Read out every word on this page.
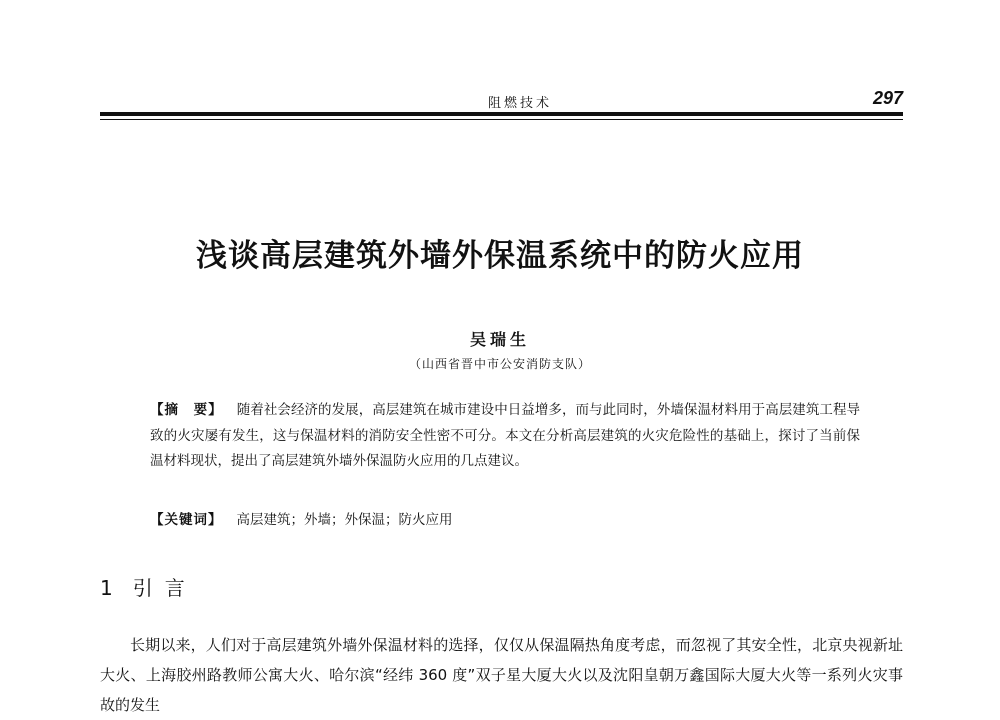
阻燃技术	297
浅谈高层建筑外墙外保温系统中的防火应用
吴瑞生
（山西省晋中市公安消防支队）
【摘　要】 随着社会经济的发展，高层建筑在城市建设中日益增多，而与此同时，外墙保温材料用于高层建筑工程导致的火灾屡有发生，这与保温材料的消防安全性密不可分。本文在分析高层建筑的火灾危险性的基础上，探讨了当前保温材料现状，提出了高层建筑外墙外保温防火应用的几点建议。
【关键词】 高层建筑；外墙；外保温；防火应用
1 引言

长期以来，人们对于高层建筑外墙外保温材料的选择，仅仅从保温隔热角度考虑，而忽视了其安全性，北京央视新址大火、上海胶州路教师公寓大火、哈尔滨“经纬 360 度”双子星大厦大火以及沈阳皇朝万鑫国际大厦大火等一系列火灾事故的发生
